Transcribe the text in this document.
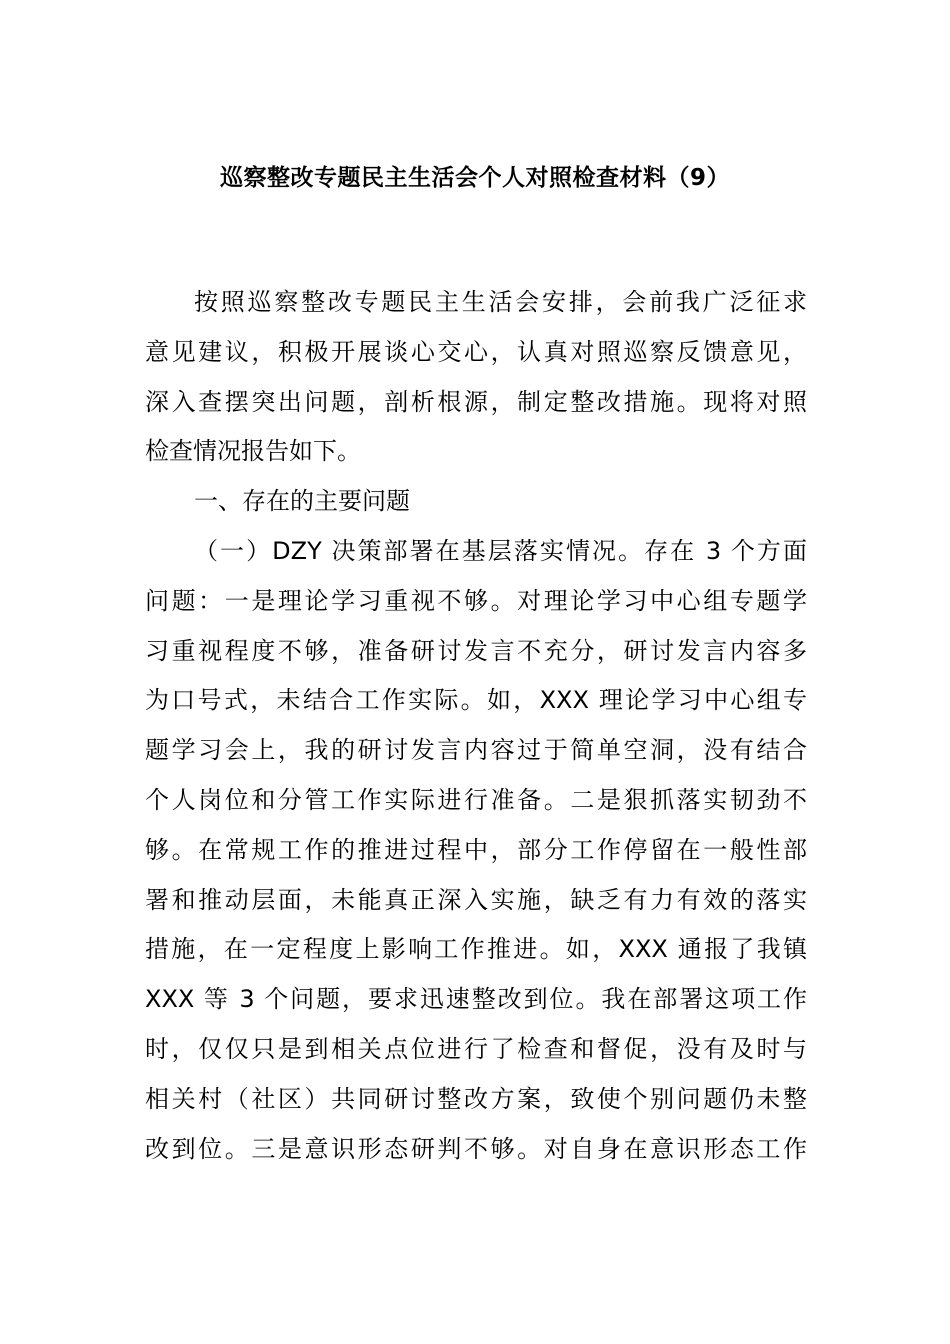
巡察整改专题民主生活会个人对照检查材料（9）
按照巡察整改专题民主生活会安排，会前我广泛征求
意见建议，积极开展谈心交心，认真对照巡察反馈意见，
深入查摆突出问题，剖析根源，制定整改措施。现将对照
检查情况报告如下。
一、存在的主要问题
（一）DZY 决策部署在基层落实情况。存在 3 个方面
问题：一是理论学习重视不够。对理论学习中心组专题学
习重视程度不够，准备研讨发言不充分，研讨发言内容多
为口号式，未结合工作实际。如，XXX 理论学习中心组专
题学习会上，我的研讨发言内容过于简单空洞，没有结合
个人岗位和分管工作实际进行准备。二是狠抓落实韧劲不
够。在常规工作的推进过程中，部分工作停留在一般性部
署和推动层面，未能真正深入实施，缺乏有力有效的落实
措施，在一定程度上影响工作推进。如，XXX 通报了我镇
XXX 等 3 个问题，要求迅速整改到位。我在部署这项工作
时，仅仅只是到相关点位进行了检查和督促，没有及时与
相关村（社区）共同研讨整改方案，致使个别问题仍未整
改到位。三是意识形态研判不够。对自身在意识形态工作
